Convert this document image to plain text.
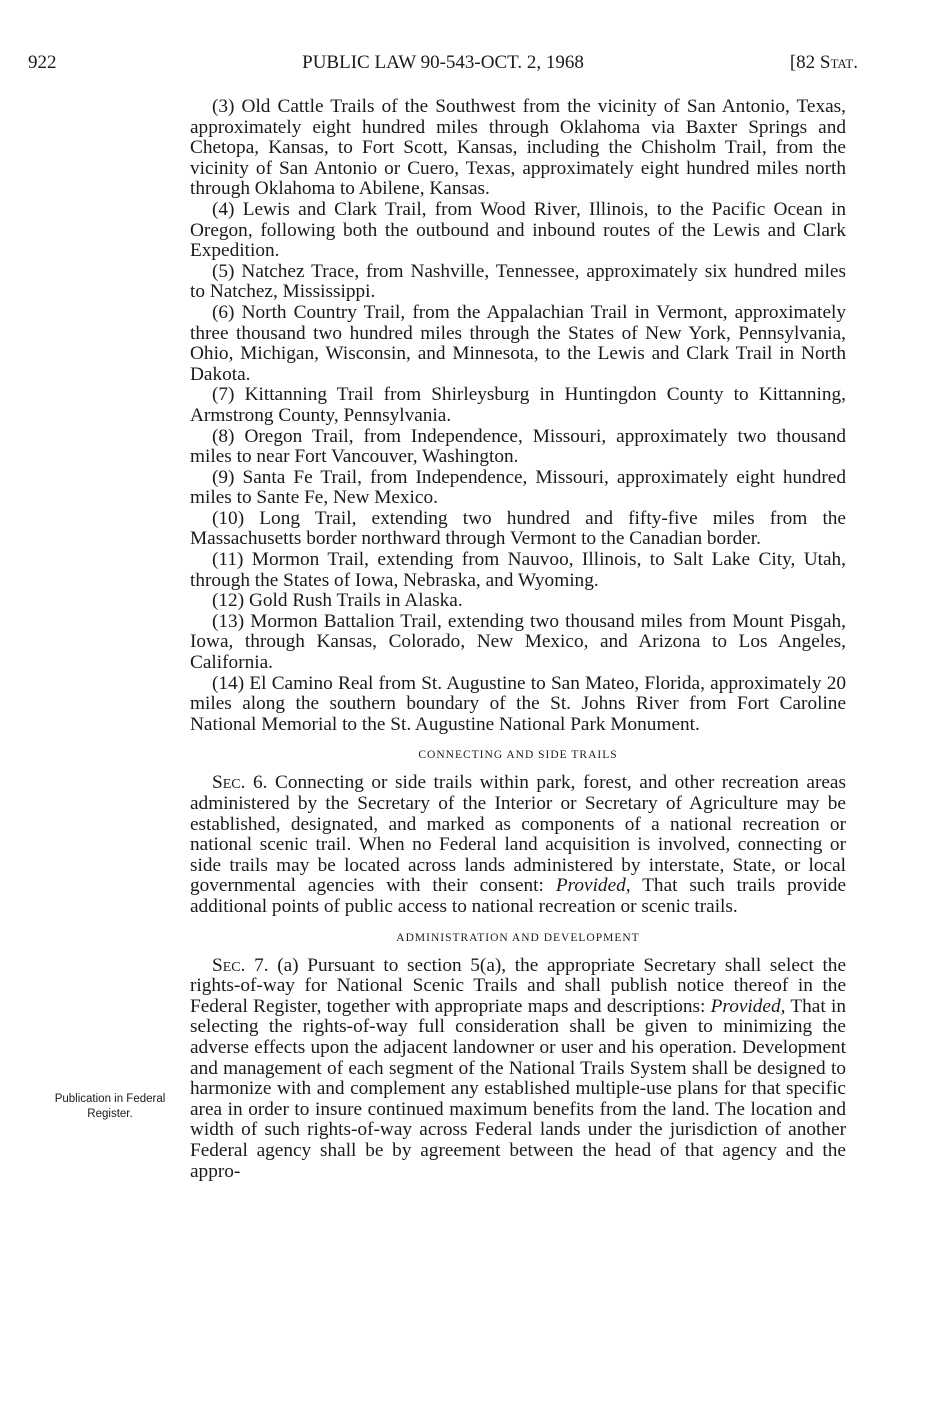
922	PUBLIC LAW 90-543-OCT. 2, 1968	[82 Stat.

(3) Old Cattle Trails of the Southwest from the vicinity of San Antonio, Texas, approximately eight hundred miles through Oklahoma via Baxter Springs and Chetopa, Kansas, to Fort Scott, Kansas, including the Chisholm Trail, from the vicinity of San Antonio or Cuero, Texas, approximately eight hundred miles north through Oklahoma to Abilene, Kansas.

(4) Lewis and Clark Trail, from Wood River, Illinois, to the Pacific Ocean in Oregon, following both the outbound and inbound routes of the Lewis and Clark Expedition.

(5) Natchez Trace, from Nashville, Tennessee, approximately six hundred miles to Natchez, Mississippi.

(6) North Country Trail, from the Appalachian Trail in Vermont, approximately three thousand two hundred miles through the States of New York, Pennsylvania, Ohio, Michigan, Wisconsin, and Minnesota, to the Lewis and Clark Trail in North Dakota.

(7) Kittanning Trail from Shirleysburg in Huntingdon County to Kittanning, Armstrong County, Pennsylvania.

(8) Oregon Trail, from Independence, Missouri, approximately two thousand miles to near Fort Vancouver, Washington.

(9) Santa Fe Trail, from Independence, Missouri, approximately eight hundred miles to Sante Fe, New Mexico.

(10) Long Trail, extending two hundred and fifty-five miles from the Massachusetts border northward through Vermont to the Canadian border.

(11) Mormon Trail, extending from Nauvoo, Illinois, to Salt Lake City, Utah, through the States of Iowa, Nebraska, and Wyoming.

(12) Gold Rush Trails in Alaska.

(13) Mormon Battalion Trail, extending two thousand miles from Mount Pisgah, Iowa, through Kansas, Colorado, New Mexico, and Arizona to Los Angeles, California.

(14) El Camino Real from St. Augustine to San Mateo, Florida, approximately 20 miles along the southern boundary of the St. Johns River from Fort Caroline National Memorial to the St. Augustine National Park Monument.

CONNECTING AND SIDE TRAILS

Sec. 6. Connecting or side trails within park, forest, and other recreation areas administered by the Secretary of the Interior or Secretary of Agriculture may be established, designated, and marked as components of a national recreation or national scenic trail. When no Federal land acquisition is involved, connecting or side trails may be located across lands administered by interstate, State, or local governmental agencies with their consent: Provided, That such trails provide additional points of public access to national recreation or scenic trails.

ADMINISTRATION AND DEVELOPMENT

Sec. 7. (a) Pursuant to section 5(a), the appropriate Secretary shall select the rights-of-way for National Scenic Trails and shall publish notice thereof in the Federal Register, together with appropriate maps and descriptions: Provided, That in selecting the rights-of-way full consideration shall be given to minimizing the adverse effects upon the adjacent landowner or user and his operation. Development and management of each segment of the National Trails System shall be designed to harmonize with and complement any established multiple-use plans for that specific area in order to insure continued maximum benefits from the land. The location and width of such rights-of-way across Federal lands under the jurisdiction of another Federal agency shall be by agreement between the head of that agency and the appro-

Publication in Federal Register.
